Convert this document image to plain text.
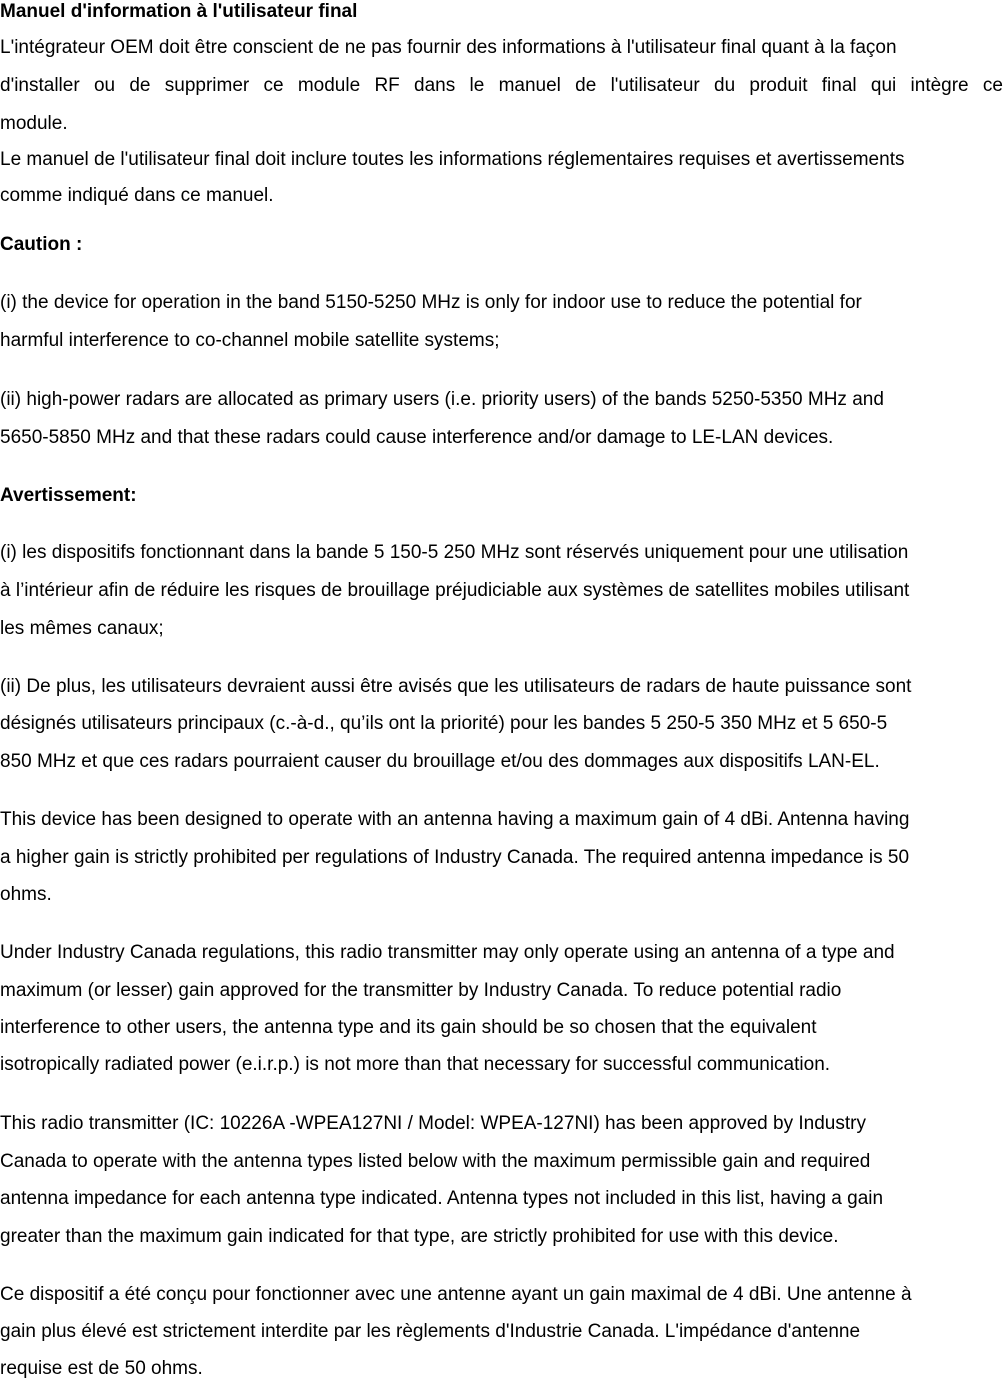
Manuel d'information à l'utilisateur final
L'intégrateur OEM doit être conscient de ne pas fournir des informations à l'utilisateur final quant à la façon
d'installer ou de supprimer ce module RF dans le manuel de l'utilisateur du produit final qui intègre ce
module.
Le manuel de l'utilisateur final doit inclure toutes les informations réglementaires requises et avertissements
comme indiqué dans ce manuel.
Caution :
(i) the device for operation in the band 5150-5250 MHz is only for indoor use to reduce the potential for
harmful interference to co-channel mobile satellite systems;
(ii) high-power radars are allocated as primary users (i.e. priority users) of the bands 5250-5350 MHz and
5650-5850 MHz and that these radars could cause interference and/or damage to LE-LAN devices.
Avertissement:
(i) les dispositifs fonctionnant dans la bande 5 150-5 250 MHz sont réservés uniquement pour une utilisation
à l’intérieur afin de réduire les risques de brouillage préjudiciable aux systèmes de satellites mobiles utilisant
les mêmes canaux;
(ii) De plus, les utilisateurs devraient aussi être avisés que les utilisateurs de radars de haute puissance sont
désignés utilisateurs principaux (c.-à-d., qu’ils ont la priorité) pour les bandes 5 250-5 350 MHz et 5 650-5
850 MHz et que ces radars pourraient causer du brouillage et/ou des dommages aux dispositifs LAN-EL.
This device has been designed to operate with an antenna having a maximum gain of 4 dBi. Antenna having
a higher gain is strictly prohibited per regulations of Industry Canada. The required antenna impedance is 50
ohms.
Under Industry Canada regulations, this radio transmitter may only operate using an antenna of a type and
maximum (or lesser) gain approved for the transmitter by Industry Canada. To reduce potential radio
interference to other users, the antenna type and its gain should be so chosen that the equivalent
isotropically radiated power (e.i.r.p.) is not more than that necessary for successful communication.
This radio transmitter (IC: 10226A -WPEA127NI / Model: WPEA-127NI) has been approved by Industry
Canada to operate with the antenna types listed below with the maximum permissible gain and required
antenna impedance for each antenna type indicated. Antenna types not included in this list, having a gain
greater than the maximum gain indicated for that type, are strictly prohibited for use with this device.
Ce dispositif a été conçu pour fonctionner avec une antenne ayant un gain maximal de 4 dBi. Une antenne à
gain plus élevé est strictement interdite par les règlements d'Industrie Canada. L'impédance d'antenne
requise est de 50 ohms.
